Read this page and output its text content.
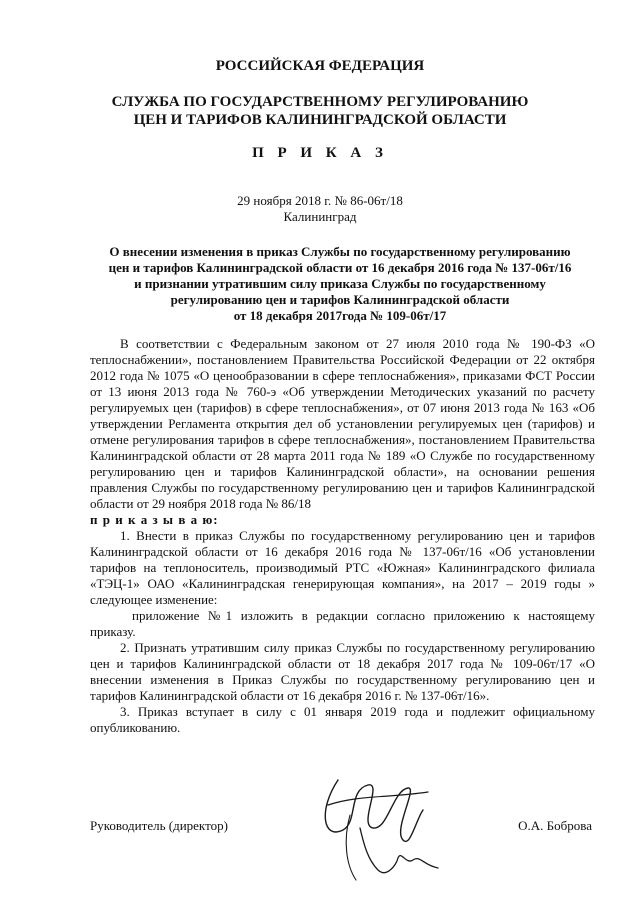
РОССИЙСКАЯ ФЕДЕРАЦИЯ
СЛУЖБА ПО ГОСУДАРСТВЕННОМУ РЕГУЛИРОВАНИЮ
ЦЕН И ТАРИФОВ КАЛИНИНГРАДСКОЙ ОБЛАСТИ
П Р И К А З
29 ноября 2018 г. № 86-06т/18
Калининград
О внесении изменения в приказ Службы по государственному регулированию
цен и тарифов Калининградской области от 16 декабря 2016 года № 137-06т/16
и признании утратившим силу приказа Службы по государственному
регулированию цен и тарифов Калининградской области
от 18 декабря 2017года № 109-06т/17

В соответствии с Федеральным законом от 27 июля 2010 года № 190-ФЗ «О теплоснабжении», постановлением Правительства Российской Федерации от 22 октября 2012 года № 1075 «О ценообразовании в сфере теплоснабжения», приказами ФСТ России от 13 июня 2013 года № 760-э «Об утверждении Методических указаний по расчету регулируемых цен (тарифов) в сфере теплоснабжения», от 07 июня 2013 года № 163 «Об утверждении Регламента открытия дел об установлении регулируемых цен (тарифов) и отмене регулирования тарифов в сфере теплоснабжения», постановлением Правительства Калининградской области от 28 марта 2011 года № 189 «О Службе по государственному регулированию цен и тарифов Калининградской области», на основании решения правления Службы по государственному регулированию цен и тарифов Калининградской области от 29 ноября 2018 года № 86/18

п р и к а з ы в а ю:

1. Внести в приказ Службы по государственному регулированию цен и тарифов Калининградской области от 16 декабря 2016 года № 137-06т/16 «Об установлении тарифов на теплоноситель, производимый РТС «Южная» Калининградского филиала «ТЭЦ-1» ОАО «Калининградская генерирующая компания», на 2017 – 2019 годы » следующее изменение:

приложение №1 изложить в редакции согласно приложению к настоящему приказу.

2. Признать утратившим силу приказ Службы по государственному регулированию цен и тарифов Калининградской области от 18 декабря 2017 года № 109-06т/17 «О внесении изменения в Приказ Службы по государственному регулированию цен и тарифов Калининградской области от 16 декабря 2016 г. № 137-06т/16».

3. Приказ вступает в силу с 01 января 2019 года и подлежит официальному опубликованию.

Руководитель (директор)	О.А. Боброва
